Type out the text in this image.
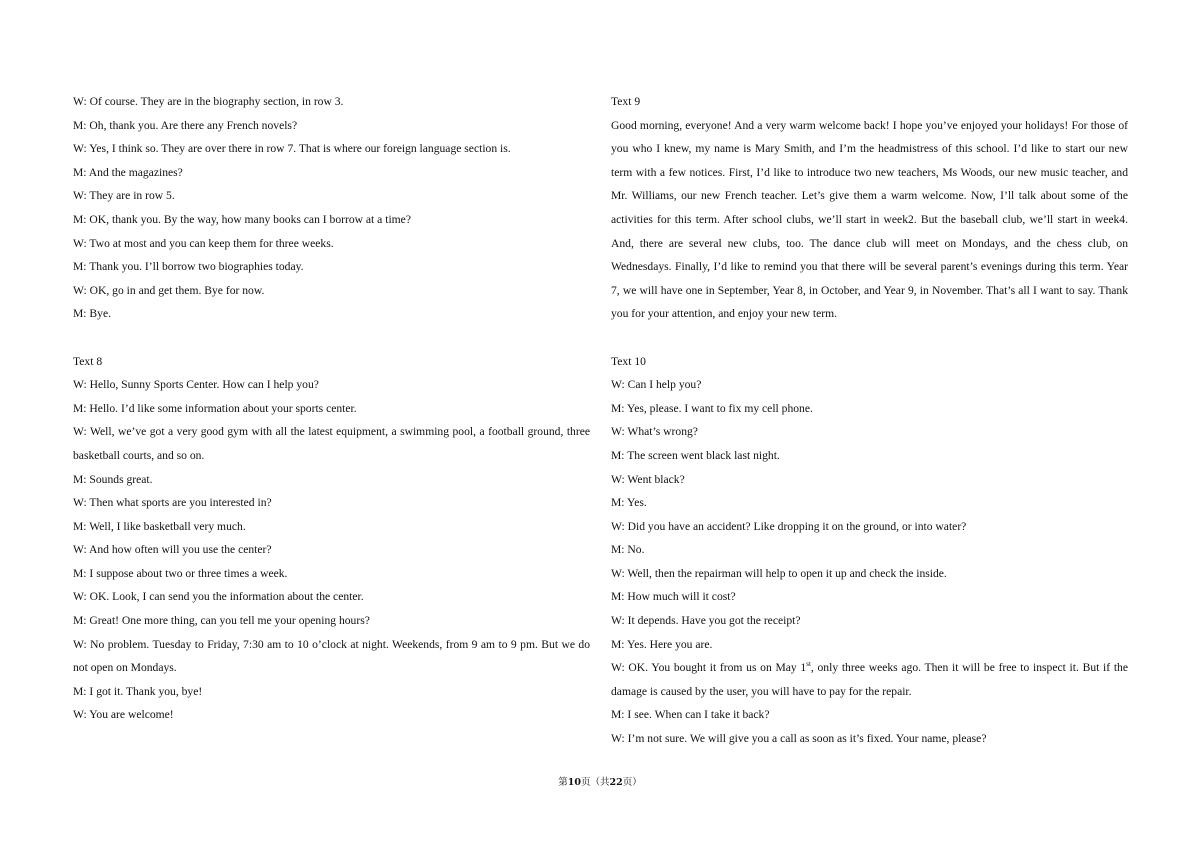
W: Of course. They are in the biography section, in row 3.

M: Oh, thank you. Are there any French novels?

W: Yes, I think so. They are over there in row 7. That is where our foreign language section is.

M: And the magazines?

W: They are in row 5.

M: OK, thank you. By the way, how many books can I borrow at a time?

W: Two at most and you can keep them for three weeks.

M: Thank you. I’ll borrow two biographies today.

W: OK, go in and get them. Bye for now.

M: Bye.

Text 8

W: Hello, Sunny Sports Center. How can I help you?

M: Hello. I’d like some information about your sports center.

W: Well, we’ve got a very good gym with all the latest equipment, a swimming pool, a football ground, three basketball courts, and so on.

M: Sounds great.

W: Then what sports are you interested in?

M: Well, I like basketball very much.

W: And how often will you use the center?

M: I suppose about two or three times a week.

W: OK. Look, I can send you the information about the center.

M: Great! One more thing, can you tell me your opening hours?

W: No problem. Tuesday to Friday, 7:30 am to 10 o’clock at night. Weekends, from 9 am to 9 pm. But we do not open on Mondays.

M: I got it. Thank you, bye!

W: You are welcome!

Text 9

Good morning, everyone! And a very warm welcome back! I hope you’ve enjoyed your holidays! For those of you who I knew, my name is Mary Smith, and I’m the headmistress of this school. I’d like to start our new term with a few notices. First, I’d like to introduce two new teachers, Ms Woods, our new music teacher, and Mr. Williams, our new French teacher. Let’s give them a warm welcome. Now, I’ll talk about some of the activities for this term. After school clubs, we’ll start in week2. But the baseball club, we’ll start in week4. And, there are several new clubs, too. The dance club will meet on Mondays, and the chess club, on Wednesdays. Finally, I’d like to remind you that there will be several parent’s evenings during this term. Year 7, we will have one in September, Year 8, in October, and Year 9, in November. That’s all I want to say. Thank you for your attention, and enjoy your new term.

Text 10

W: Can I help you?

M: Yes, please. I want to fix my cell phone.

W: What’s wrong?

M: The screen went black last night.

W: Went black?

M: Yes.

W: Did you have an accident? Like dropping it on the ground, or into water?

M: No.

W: Well, then the repairman will help to open it up and check the inside.

M: How much will it cost?

W: It depends. Have you got the receipt?

M: Yes. Here you are.

W: OK. You bought it from us on May 1st, only three weeks ago. Then it will be free to inspect it. But if the damage is caused by the user, you will have to pay for the repair.

M: I see. When can I take it back?

W: I’m not sure. We will give you a call as soon as it’s fixed. Your name, please?

第10页（共22页）
